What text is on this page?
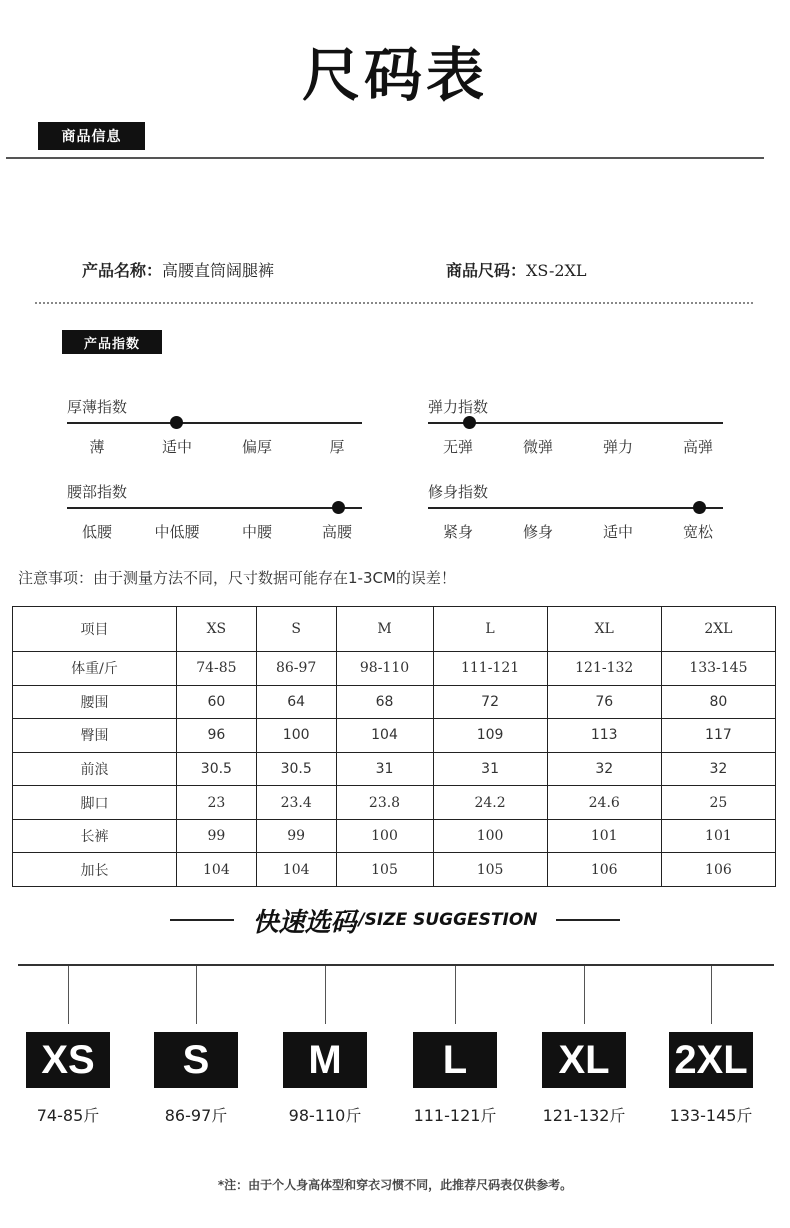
尺码表
商品信息
产品名称：高腰直筒阔腿裤	商品尺码：XS-2XL
产品指数
厚薄指数
薄	适中	偏厚	厚
弹力指数
无弹	微弹	弹力	高弹
腰部指数
低腰	中低腰	中腰	高腰
修身指数
紧身	修身	适中	宽松
注意事项：由于测量方法不同，尺寸数据可能存在1-3CM的误差！
项目	XS	S	M	L	XL	2XL
体重/斤	74-85	86-97	98-110	111-121	121-132	133-145
腰围	60	64	68	72	76	80
臀围	96	100	104	109	113	117
前浪	30.5	30.5	31	31	32	32
脚口	23	23.4	23.8	24.2	24.6	25
长裤	99	99	100	100	101	101
加长	104	104	105	105	106	106
快速选码 /SIZE SUGGESTION
XS
74-85斤
S
86-97斤
M
98-110斤
L
111-121斤
XL
121-132斤
2XL
133-145斤
*注：由于个人身高体型和穿衣习惯不同，此推荐尺码表仅供参考。
